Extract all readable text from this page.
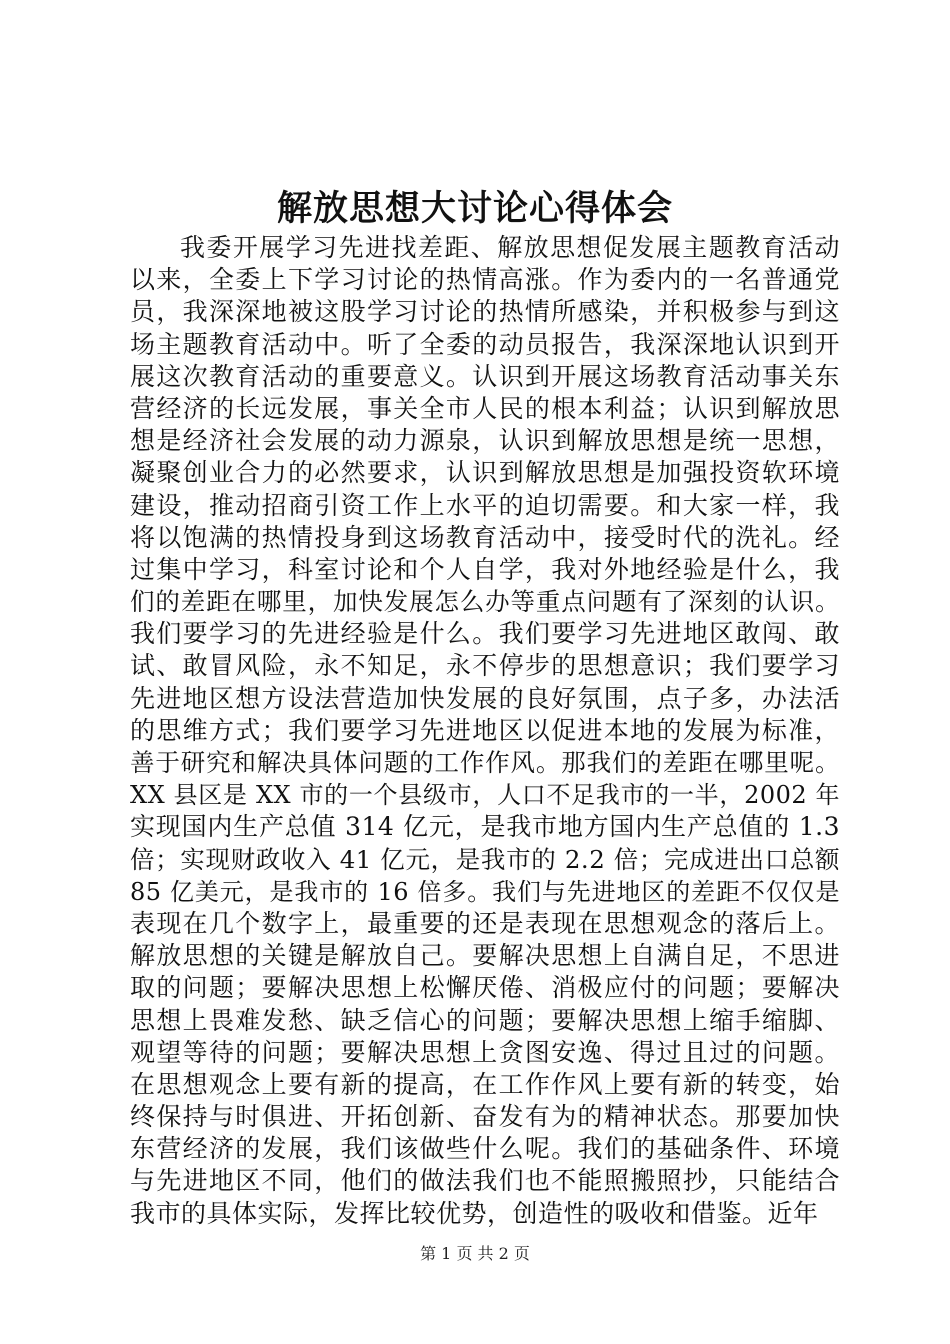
解放思想大讨论心得体会
我委开展学习先进找差距、解放思想促发展主题教育活动
以来，全委上下学习讨论的热情高涨。作为委内的一名普通党
员，我深深地被这股学习讨论的热情所感染，并积极参与到这
场主题教育活动中。听了全委的动员报告，我深深地认识到开
展这次教育活动的重要意义。认识到开展这场教育活动事关东
营经济的长远发展，事关全市人民的根本利益；认识到解放思
想是经济社会发展的动力源泉，认识到解放思想是统一思想，
凝聚创业合力的必然要求，认识到解放思想是加强投资软环境
建设，推动招商引资工作上水平的迫切需要。和大家一样，我
将以饱满的热情投身到这场教育活动中，接受时代的洗礼。经
过集中学习，科室讨论和个人自学，我对外地经验是什么，我
们的差距在哪里，加快发展怎么办等重点问题有了深刻的认识。
我们要学习的先进经验是什么。我们要学习先进地区敢闯、敢
试、敢冒风险，永不知足，永不停步的思想意识；我们要学习
先进地区想方设法营造加快发展的良好氛围，点子多，办法活
的思维方式；我们要学习先进地区以促进本地的发展为标准，
善于研究和解决具体问题的工作作风。那我们的差距在哪里呢。
XX 县区是 XX 市的一个县级市，人口不足我市的一半，2002 年
实现国内生产总值 314 亿元，是我市地方国内生产总值的 1.3
倍；实现财政收入 41 亿元，是我市的 2.2 倍；完成进出口总额
85 亿美元，是我市的 16 倍多。我们与先进地区的差距不仅仅是
表现在几个数字上，最重要的还是表现在思想观念的落后上。
解放思想的关键是解放自己。要解决思想上自满自足，不思进
取的问题；要解决思想上松懈厌倦、消极应付的问题；要解决
思想上畏难发愁、缺乏信心的问题；要解决思想上缩手缩脚、
观望等待的问题；要解决思想上贪图安逸、得过且过的问题。
在思想观念上要有新的提高，在工作作风上要有新的转变，始
终保持与时俱进、开拓创新、奋发有为的精神状态。那要加快
东营经济的发展，我们该做些什么呢。我们的基础条件、环境
与先进地区不同，他们的做法我们也不能照搬照抄，只能结合
我市的具体实际，发挥比较优势，创造性的吸收和借鉴。近年
第 1 页 共 2 页
